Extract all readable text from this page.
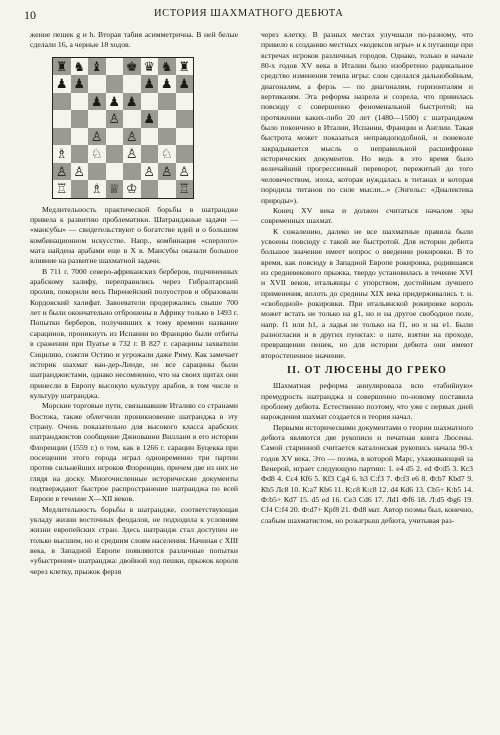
10	ИСТОРИЯ ШАХМАТНОГО ДЕБЮТА

жение пешек g и h. Вторая табия асимметрична. В ней белые сделали 16, а черные 18 ходов.

♜ ♞ ♝ ♚ ♛ ♞ ♜
♟ ♟	♟ ♟ ♟
♟ ♟ ♟
♙ ♟
♙ ♙
♗ ♘ ♙ ♘
♙ ♙	♙ ♙ ♙
♖ ♗ ♕ ♔	♖

Медлительность практической борьбы в шатрандже привела к развитию проблематики. Шатранджные задачи — «мансубы» — свидетельствуют о богатстве идей и о большом комбинационном искусстве. Напр., комбинация «сперлого» мата найдена арабами еще в X в. Мансубы оказали большое влияние на развитие шахматной задачи.

В 711 г. 7000 северо-африканских берберов, подчиненных арабскому халифу, переправились через Гибралтарский пролив, покорили весь Пиренейский полуостров и образовали Кордовский халифат. Завоеватели продержались свыше 700 лет и были окончательно отброшены в Африку только в 1493 г. Попытки берберов, получивших к тому времени название сарацинов, проникнуть из Испании во Францию были отбиты в сражении при Пуатье в 732 г. В 827 г. сарацины захватили Сицилию, сожгли Остию и угрожали даже Риму. Как замечает историк шахмат ван-дер-Линде, не все сарацины были шатранджистами, однако несомненно, что на своих щитах они принесли в Европу высокую культуру арабов, в том числе и культуру шатранджа.

Морские торговые пути, связывавшие Италию со странами Востока, также облегчили проникновение шатранджа в эту страну. Очень показательно для высокого класса арабских шатранджистов сообщение Джиованни Виллани в его истории Флоренции (1559 г.) о том, как в 1266 г. сарацин Буцекка при посещении этого города играл одновременно три партии против сильнейших игроков Флоренции, причем две из них не глядя на доску. Многочисленные исторические документы подтверждают быстрое распространение шатранджа по всей Европе в течение X—XII веков.

Медлительность борьбы в шатрандже, соответствующая укладу жизни восточных феодалов, не подходила к условиям жизни европейских стран. Здесь шатрандж стал доступен не только высшим, но и средним слоям населения. Начиная с XIII века, в Западной Европе появляются различные попытки «убыстрения» шатранджа: двойной ход пешки, прыжок короля через клетку, прыжок ферзя

через клетку. В разных местах улучшали по-разному, что привело к созданию местных «кодексов игры» и к путанице при встречах игроков различных городов. Однако, только в начале 80-х годов XV века в Италии было изобретено радикальное средство изменения темпа игры: слон сделался дальнобойным, диагоналям, а ферзь — по диагоналям, горизонталям и вертикалям. Эта реформа назрела и созрела, что привилась повсюду с совершенно феноменальной быстротой; на протяжении каких-либо 20 лет (1480—1500) с шатранджем было покончено в Италии, Испании, Франции и Англии. Такая быстрота может показаться неправдоподобной, и поневоле закрадывается мысль о неправильной расшифровке исторических документов. Но ведь в это время было величайший прогрессивный переворот, пережитый до того человечеством, эпоха, которая нуждалась в титанах и которая породила титанов по силе мысли...» (Энгельс: «Диалектика природы»).

Конец XV века и должен считаться началом эры современных шахмат.

К сожалению, далеко не все шахматные правила были усвоены повсюду с такой же быстротой. Для истории дебюта большое значение имеет вопрос о введении рокировки. В то время, как повсюду в Западной Европе рокировка, родившаяся из средневекового прыжка, твердо установилась в течение XVI и XVII веков, итальянцы с упорством, достойным лучшего применения, вплоть до средины XIX века придерживались т. н. «свободной» рокировки. При итальянской рокировке король может встать не только на g1, но и на другое свободное поле, напр. f1 или h1, а ладья не только на f1, но и на e1. Были разногласия и в других пунктах: о пате, взятии на проходе, превращении пешек, но для истории дебюта они имеют второстепенное значение.

II. ОТ ЛЮСЕНЫ ДО ГРЕКО

Шахматная реформа аннулировала всю «табийную» премудрость шатранджа и совершенно по-новому поставила проблему дебюта. Естественно поэтому, что уже с первых дней нарождения шахмат создается и теория начал.

Первыми историческими документами о теории шахматного дебюта являются две рукописи и печатная книга Люсены. Самой старинной считается каталонская рукопись начала 90-х годов XV века. Это — поэма, в которой Марс, ухаживающий за Венерой, играет следующую партию: 1. e4 d5 2. ed Ф:d5 3. Кc3 Фd8 4. Сc4 Кf6 5. Кf3 Сg4 6. h3 С:f3 7. Ф:f3 e6 8. Ф:b7 Кbd7 9. Кb5 Лc8 10. К:a7 Кb6 11. К:c8 К:c8 12. d4 Кd6 13. Сb5+ К:b5 14. Ф:b5+ Кd7 15. d5 ed 16. Сe3 Сd6 17. Лd1 Фf6 18. Л:d5 Фg6 19. Сf4 С:f4 20. Ф:d7+ Кpf8 21. Фd8 мат. Автор поэмы был, конечно, слабым шахматистом, но розыгрыш дебюта, учитывая раз-
